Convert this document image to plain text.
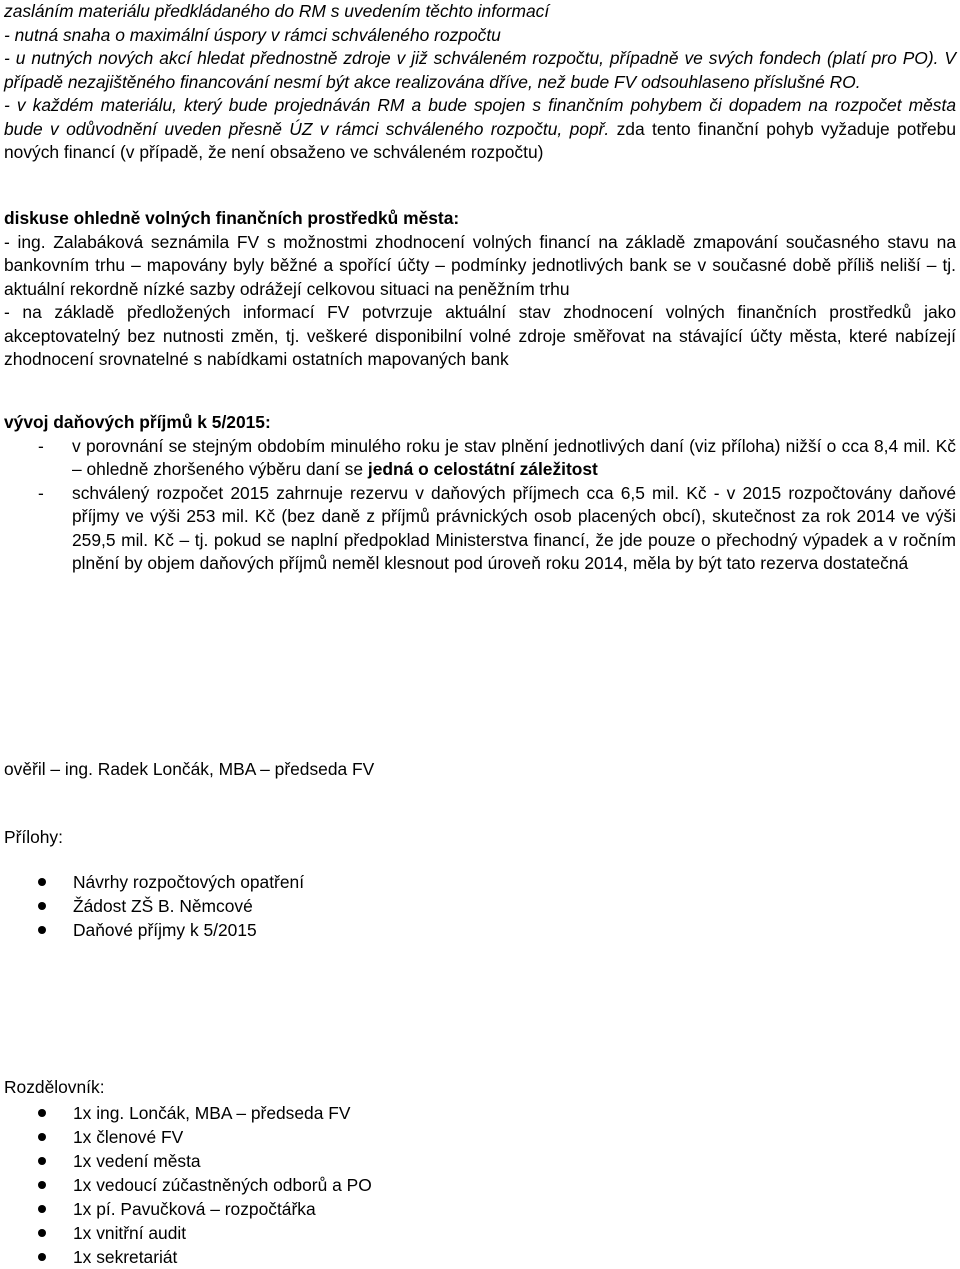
zasláním materiálu předkládaného do RM s uvedením těchto informací

- nutná snaha o maximální úspory v rámci schváleného rozpočtu

- u nutných nových akcí hledat přednostně zdroje v již schváleném rozpočtu, případně ve svých fondech (platí pro PO). V případě nezajištěného financování nesmí být akce realizována dříve, než bude FV odsouhlaseno příslušné RO.

- v každém materiálu, který bude projednáván RM a bude spojen s finančním pohybem či dopadem na rozpočet města bude v odůvodnění uveden přesně ÚZ v rámci schváleného rozpočtu, popř. zda tento finanční pohyb vyžaduje potřebu nových financí (v případě, že není obsaženo ve schváleném rozpočtu)

diskuse ohledně volných finančních prostředků města:

- ing. Zalabáková seznámila FV s možnostmi zhodnocení volných financí na základě zmapování současného stavu na bankovním trhu – mapovány byly běžné a spořící účty – podmínky jednotlivých bank se v současné době příliš neliší – tj. aktuální rekordně nízké sazby odrážejí celkovou situaci na peněžním trhu

- na základě předložených informací FV potvrzuje aktuální stav zhodnocení volných finančních prostředků jako akceptovatelný bez nutnosti změn, tj. veškeré disponibilní volné zdroje směřovat na stávající účty města, které nabízejí zhodnocení srovnatelné s nabídkami ostatních mapovaných bank

vývoj daňových příjmů k 5/2015:

- v porovnání se stejným obdobím minulého roku je stav plnění jednotlivých daní (viz příloha) nižší o cca 8,4 mil. Kč – ohledně zhoršeného výběru daní se jedná o celostátní záležitost

- schválený rozpočet 2015 zahrnuje rezervu v daňových příjmech cca 6,5 mil. Kč - v 2015 rozpočtovány daňové příjmy ve výši 253 mil. Kč (bez daně z příjmů právnických osob placených obcí), skutečnost za rok 2014 ve výši 259,5 mil. Kč – tj. pokud se naplní předpoklad Ministerstva financí, že jde pouze o přechodný výpadek a v ročním plnění by objem daňových příjmů neměl klesnout pod úroveň roku 2014, měla by být tato rezerva dostatečná

ověřil – ing. Radek Lončák, MBA – předseda FV
Přílohy:
Návrhy rozpočtových opatření
Žádost ZŠ B. Němcové
Daňové příjmy k 5/2015
Rozdělovník:
1x ing. Lončák, MBA – předseda FV
1x členové FV
1x vedení města
1x vedoucí zúčastněných odborů a PO
1x pí. Pavučková – rozpočtářka
1x vnitřní audit
1x sekretariát
